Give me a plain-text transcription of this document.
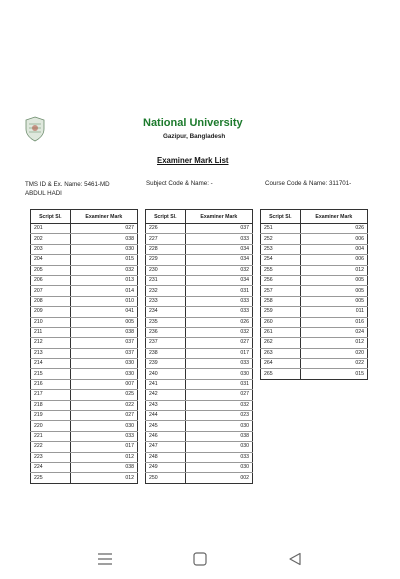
National University
Gazipur, Bangladesh
Examiner Mark List
TMS ID & Ex. Name: 5461-MD
ABDUL HADI
Subject Code & Name: -	Course Code & Name: 311701-
Script Sl.	Examiner Mark
201	027
202	038
203	030
204	015
205	032
206	013
207	014
208	010
209	041
210	005
211	038
212	037
213	037
214	030
215	030
216	007
217	025
218	022
219	027
220	030
221	033
222	017
223	012
224	038
225	012
Script Sl.	Examiner Mark
226	037
227	033
228	034
229	034
230	032
231	034
232	031
233	033
234	033
235	026
236	032
237	027
238	017
239	033
240	030
241	031
242	027
243	032
244	023
245	030
246	038
247	030
248	033
249	030
250	002
Script Sl.	Examiner Mark
251	026
252	006
253	004
254	006
255	012
256	005
257	005
258	005
259	011
260	016
261	024
262	012
263	020
264	022
265	015
